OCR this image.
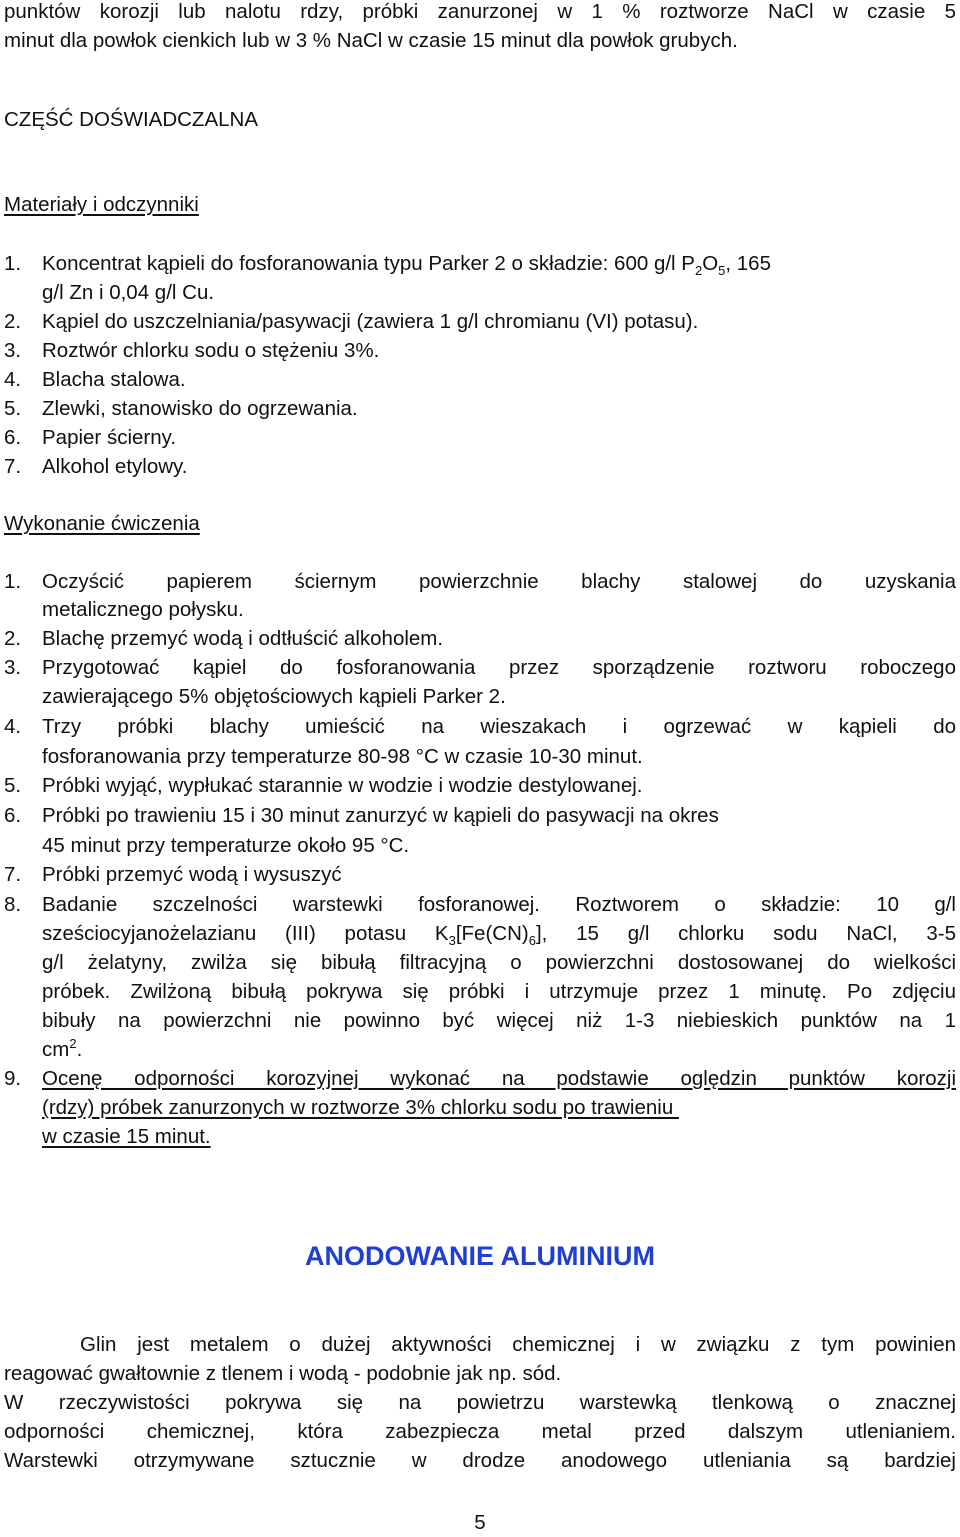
punktów korozji lub nalotu rdzy, próbki zanurzonej w 1 % roztworze NaCl w czasie 5

minut dla powłok cienkich lub w 3 % NaCl w czasie 15 minut dla powłok grubych.

CZĘŚĆ DOŚWIADCZALNA

Materiały i odczynniki

1. Koncentrat kąpieli do fosforanowania typu Parker 2 o składzie: 600 g/l $P_2O_5$, 165

g/l Zn i 0,04 g/l Cu.

2. Kąpiel do uszczelniania/pasywacji (zawiera 1 g/l chromianu (VI) potasu).

3. Roztwór chlorku sodu o stężeniu 3%.

4. Blacha stalowa.

5. Zlewki, stanowisko do ogrzewania.

6. Papier ścierny.

7. Alkohol etylowy.

Wykonanie ćwiczenia

1. Oczyścić papierem ściernym powierzchnie blachy stalowej do uzyskania

metalicznego połysku.

2. Blachę przemyć wodą i odtłuścić alkoholem.

3. Przygotować kąpiel do fosforanowania przez sporządzenie roztworu roboczego

zawierającego 5% objętościowych kąpieli Parker 2.

4. Trzy próbki blachy umieścić na wieszakach i ogrzewać w kąpieli do

fosforanowania przy temperaturze 80-98 °C w czasie 10-30 minut.

5. Próbki wyjąć, wypłukać starannie w wodzie i wodzie destylowanej.

6. Próbki po trawieniu 15 i 30 minut zanurzyć w kąpieli do pasywacji na okres

45 minut przy temperaturze około 95 °C.

7. Próbki przemyć wodą i wysuszyć

8. Badanie szczelności warstewki fosforanowej. Roztworem o składzie: 10 g/l

sześciocyjanożelazianu (III) potasu $K_3[Fe(CN)_6]$, 15 g/l chlorku sodu NaCl, 3-5

g/l żelatyny, zwilża się bibułą filtracyjną o powierzchni dostosowanej do wielkości

próbek. Zwilżoną bibułą pokrywa się próbki i utrzymuje przez 1 minutę. Po zdjęciu

bibuły na powierzchni nie powinno być więcej niż 1-3 niebieskich punktów na 1

$cm^2$.

9. Ocenę odporności korozyjnej wykonać na podstawie oględzin punktów korozji

(rdzy) próbek zanurzonych w roztworze 3% chlorku sodu po trawieniu

w czasie 15 minut.

ANODOWANIE ALUMINIUM

Glin jest metalem o dużej aktywności chemicznej i w związku z tym powinien

reagować gwałtownie z tlenem i wodą - podobnie jak np. sód.

W rzeczywistości pokrywa się na powietrzu warstewką tlenkową o znacznej

odporności chemicznej, która zabezpiecza metal przed dalszym utlenianiem.

Warstewki otrzymywane sztucznie w drodze anodowego utleniania są bardziej

5
